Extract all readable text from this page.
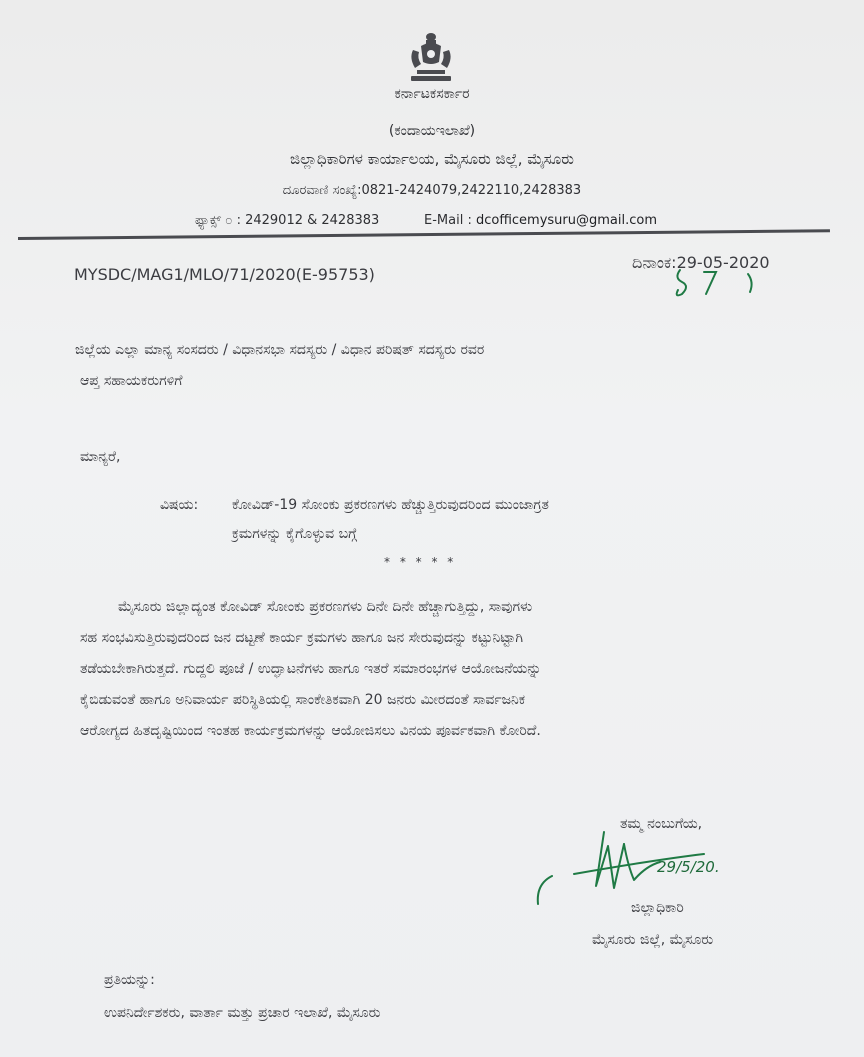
ಕರ್ನಾಟಕಸರ್ಕಾರ
(ಕಂದಾಯಇಲಾಖೆ)
ಜಿಲ್ಲಾಧಿಕಾರಿಗಳ ಕಾರ್ಯಾಲಯ, ಮೈಸೂರು ಜಿಲ್ಲೆ, ಮೈಸೂರು
ದೂರವಾಣಿ ಸಂಖ್ಯೆ:0821-2424079,2422110,2428383
ಫ್ಯಾಕ್ಸ್ ೦ : 2429012 & 2428383	E-Mail : dcofficemysuru@gmail.com
MYSDC/MAG1/MLO/71/2020(E-95753)
ದಿನಾಂಕ:29-05-2020
ಜಿಲ್ಲೆಯ ಎಲ್ಲಾ ಮಾನ್ಯ ಸಂಸದರು / ವಿಧಾನಸಭಾ ಸದಸ್ಯರು / ವಿಧಾನ ಪರಿಷತ್ ಸದಸ್ಯರು ರವರ
ಆಪ್ತ ಸಹಾಯಕರುಗಳಿಗೆ
ಮಾನ್ಯರೆ,
ವಿಷಯ: ಕೋವಿಡ್-19 ಸೋಂಕು ಪ್ರಕರಣಗಳು ಹೆಚ್ಚುತ್ತಿರುವುದರಿಂದ ಮುಂಜಾಗ್ರತ
ಕ್ರಮಗಳನ್ನು ಕೈಗೊಳ್ಳುವ ಬಗ್ಗೆ
* * * * *
ಮೈಸೂರು ಜಿಲ್ಲಾದ್ಯಂತ ಕೋವಿಡ್ ಸೋಂಕು ಪ್ರಕರಣಗಳು ದಿನೇ ದಿನೇ ಹೆಚ್ಚಾಗುತ್ತಿದ್ದು, ಸಾವುಗಳು
ಸಹ ಸಂಭವಿಸುತ್ತಿರುವುದರಿಂದ ಜನ ದಟ್ಟಣೆ ಕಾರ್ಯ ಕ್ರಮಗಳು ಹಾಗೂ ಜನ ಸೇರುವುದನ್ನು ಕಟ್ಟುನಿಟ್ಟಾಗಿ
ತಡೆಯಬೇಕಾಗಿರುತ್ತದೆ. ಗುದ್ದಲಿ ಪೂಜೆ / ಉದ್ಘಾಟನೆಗಳು ಹಾಗೂ ಇತರೆ ಸಮಾರಂಭಗಳ ಆಯೋಜನೆಯನ್ನು
ಕೈಬಿಡುವಂತೆ ಹಾಗೂ ಅನಿವಾರ್ಯ ಪರಿಸ್ಥಿತಿಯಲ್ಲಿ ಸಾಂಕೇತಿಕವಾಗಿ 20 ಜನರು ಮೀರದಂತೆ ಸಾರ್ವಜನಿಕ
ಆರೋಗ್ಯದ ಹಿತದೃಷ್ಟಿಯಿಂದ ಇಂತಹ ಕಾರ್ಯಕ್ರಮಗಳನ್ನು ಆಯೋಜಿಸಲು ವಿನಯ ಪೂರ್ವಕವಾಗಿ ಕೋರಿದೆ.
ತಮ್ಮ ನಂಬುಗೆಯ,
29/5/20.
ಜಿಲ್ಲಾಧಿಕಾರಿ
ಮೈಸೂರು ಜಿಲ್ಲೆ, ಮೈಸೂರು
ಪ್ರತಿಯನ್ನು:
ಉಪನಿರ್ದೇಶಕರು, ವಾರ್ತಾ ಮತ್ತು ಪ್ರಚಾರ ಇಲಾಖೆ, ಮೈಸೂರು
